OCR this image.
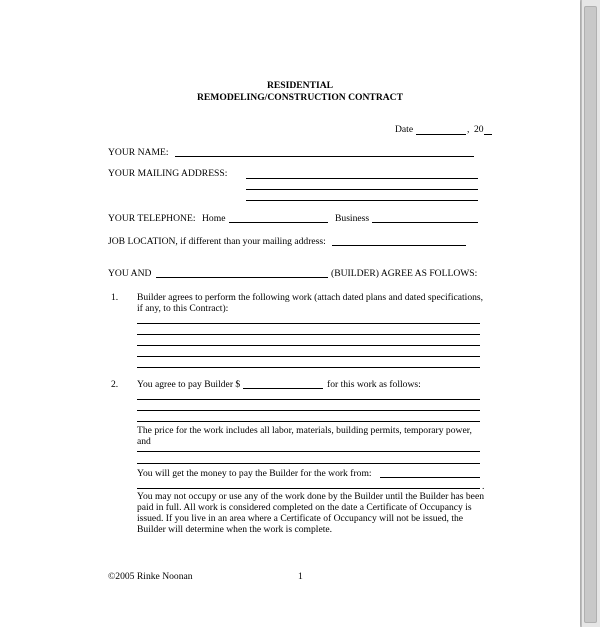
RESIDENTIAL
REMODELING/CONSTRUCTION CONTRACT
Date	, 20
YOUR NAME:
YOUR MAILING ADDRESS:
YOUR TELEPHONE: Home	Business
JOB LOCATION, if different than your mailing address:
YOU AND	(BUILDER) AGREE AS FOLLOWS:
1. Builder agrees to perform the following work (attach dated plans and dated specifications,
if any, to this Contract):
2. You agree to pay Builder $	for this work as follows:
The price for the work includes all labor, materials, building permits, temporary power,
and
You will get the money to pay the Builder for the work from:
.
You may not occupy or use any of the work done by the Builder until the Builder has been
paid in full. All work is considered completed on the date a Certificate of Occupancy is
issued. If you live in an area where a Certificate of Occupancy will not be issued, the
Builder will determine when the work is complete.
©2005 Rinke Noonan	1
